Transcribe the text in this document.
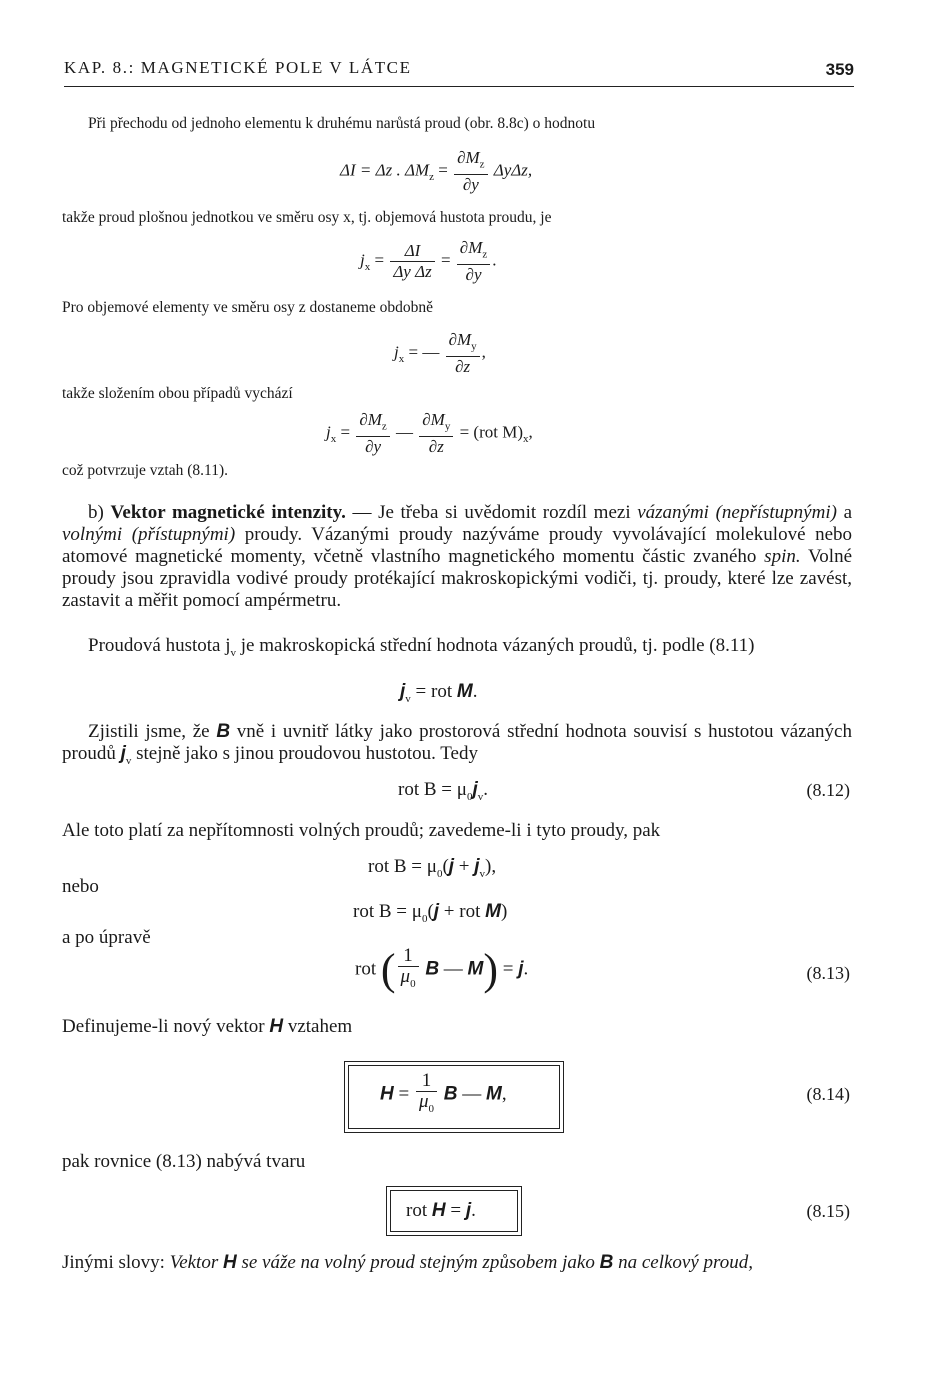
KAP. 8.: MAGNETICKÉ POLE V LÁTCE	359
Při přechodu od jednoho elementu k druhému narůstá proud (obr. 8.8c) o hodnotu
ΔI = Δz . $\Delta M_z = \frac{\partial M_z}{\partial y} \Delta y\Delta z$,
takže proud plošnou jednotkou ve směru osy x, tj. objemová hustota proudu, je
$j_x = \frac{\Delta I}{\text{Δy Δz}} = \frac{\partial M_z}{\partial y}$ .
Pro objemové elementy ve směru osy z dostaneme obdobně
$j_x$ = — $\frac{\partial M_y}{\partial z}$ ,
takže složením obou případů vychází
$j_x = \frac{\partial M_z}{\partial y}$ — $\frac{\partial M_y}{\partial z} = (rot$ $M)_x$,
což potvrzuje vztah (8.11).
b) Vektor magnetické intenzity. — Je třeba si uvědomit rozdíl mezi vázanými (nepřístupnými) a volnými (přístupnými) proudy. Vázanými proudy nazýváme proudy vyvolávající molekulové nebo atomové magnetické momenty, včetně vlastního magnetického momentu částic zvaného spin. Volné proudy jsou zpravidla vodivé proudy protékající makroskopickými vodiči, tj. proudy, které lze zavést, zastavit a měřit pomocí ampérmetru.
Proudová hustota $j_v$ je makroskopická střední hodnota vázaných proudů, tj. podle (8.11)
$j_v$ = rot M.
Zjistili jsme, že B vně i uvnitř látky jako prostorová střední hodnota souvisí s hustotou vázaných proudů $j_v$ stejně jako s jinou proudovou hustotou. Tedy
rot $B = \mu_0j_v$.	(8.12)
Ale toto platí za nepřítomnosti volných proudů; zavedeme-li i tyto proudy, pak
rot $B = \mu_0(j + j_v)$,
nebo
rot $B = \mu_0(j$ + rot M)
a po úpravě
rot ( $\frac{1}{\mu_0}$ B — M) = j.	(8.13)
Definujeme-li nový vektor H vztahem
$H = \frac{1}{\mu_0}$ B — M,	(8.14)
pak rovnice (8.13) nabývá tvaru
rot H = j.	(8.15)
Jinými slovy: Vektor H se váže na volný proud stejným způsobem jako B na celkový proud,
